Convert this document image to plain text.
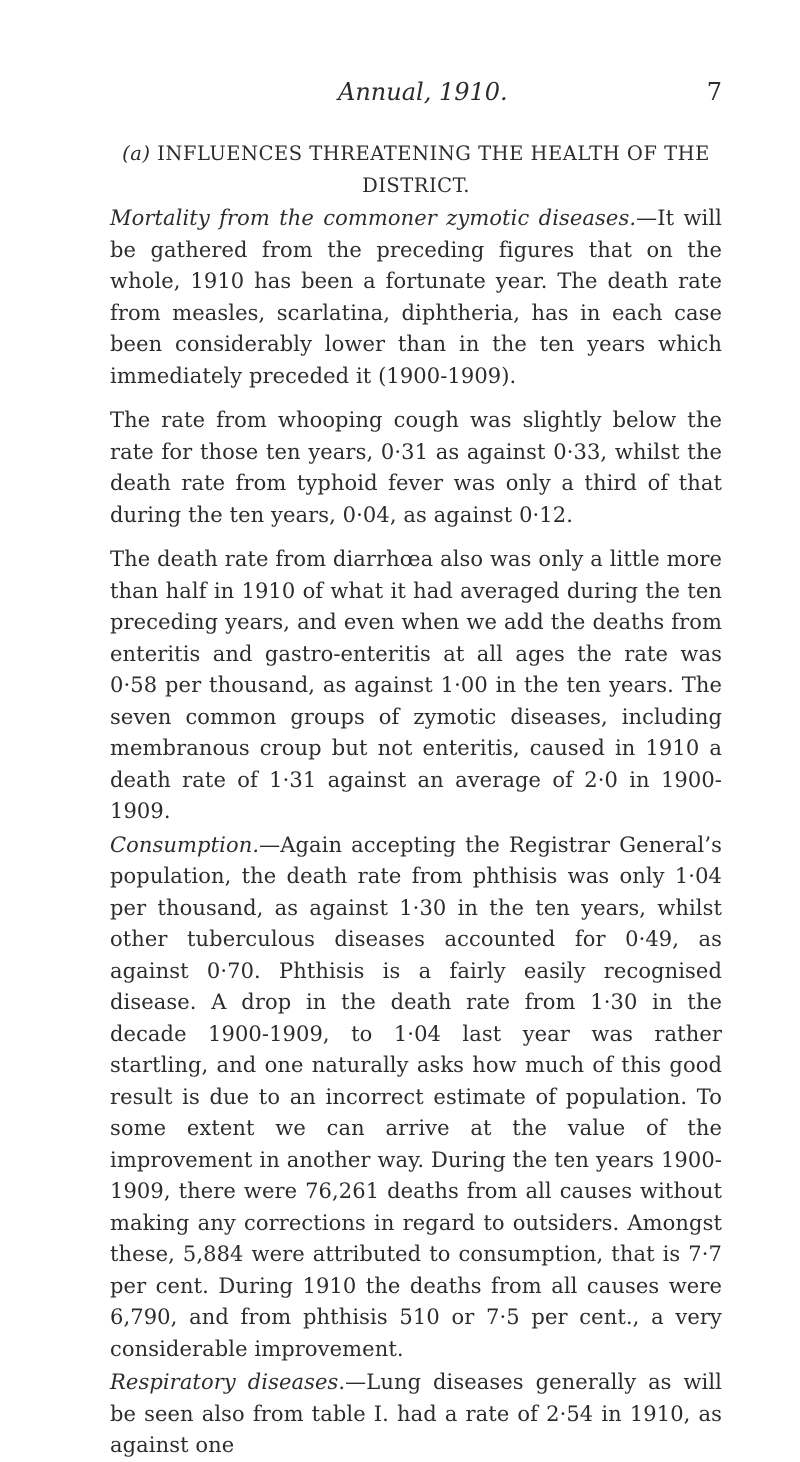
Annual, 1910.	7
(a) INFLUENCES THREATENING THE HEALTH OF THE
DISTRICT.

Mortality from the commoner zymotic diseases.—It will be gathered from the preceding figures that on the whole, 1910 has been a fortunate year. The death rate from measles, scarlatina, diphtheria, has in each case been considerably lower than in the ten years which immediately preceded it (1900-1909).

The rate from whooping cough was slightly below the rate for those ten years, 0·31 as against 0·33, whilst the death rate from typhoid fever was only a third of that during the ten years, 0·04, as against 0·12.

The death rate from diarrhœa also was only a little more than half in 1910 of what it had averaged during the ten preceding years, and even when we add the deaths from enteritis and gastro-enteritis at all ages the rate was 0·58 per thousand, as against 1·00 in the ten years. The seven common groups of zymotic diseases, including membranous croup but not enteritis, caused in 1910 a death rate of 1·31 against an average of 2·0 in 1900-1909.

Consumption.—Again accepting the Registrar General’s population, the death rate from phthisis was only 1·04 per thousand, as against 1·30 in the ten years, whilst other tuberculous diseases accounted for 0·49, as against 0·70. Phthisis is a fairly easily recognised disease. A drop in the death rate from 1·30 in the decade 1900-1909, to 1·04 last year was rather startling, and one naturally asks how much of this good result is due to an incorrect estimate of population. To some extent we can arrive at the value of the improvement in another way. During the ten years 1900-1909, there were 76,261 deaths from all causes without making any corrections in regard to outsiders. Amongst these, 5,884 were attributed to consumption, that is 7·7 per cent. During 1910 the deaths from all causes were 6,790, and from phthisis 510 or 7·5 per cent., a very considerable improvement.

Respiratory diseases.—Lung diseases generally as will be seen also from table I. had a rate of 2·54 in 1910, as against one
